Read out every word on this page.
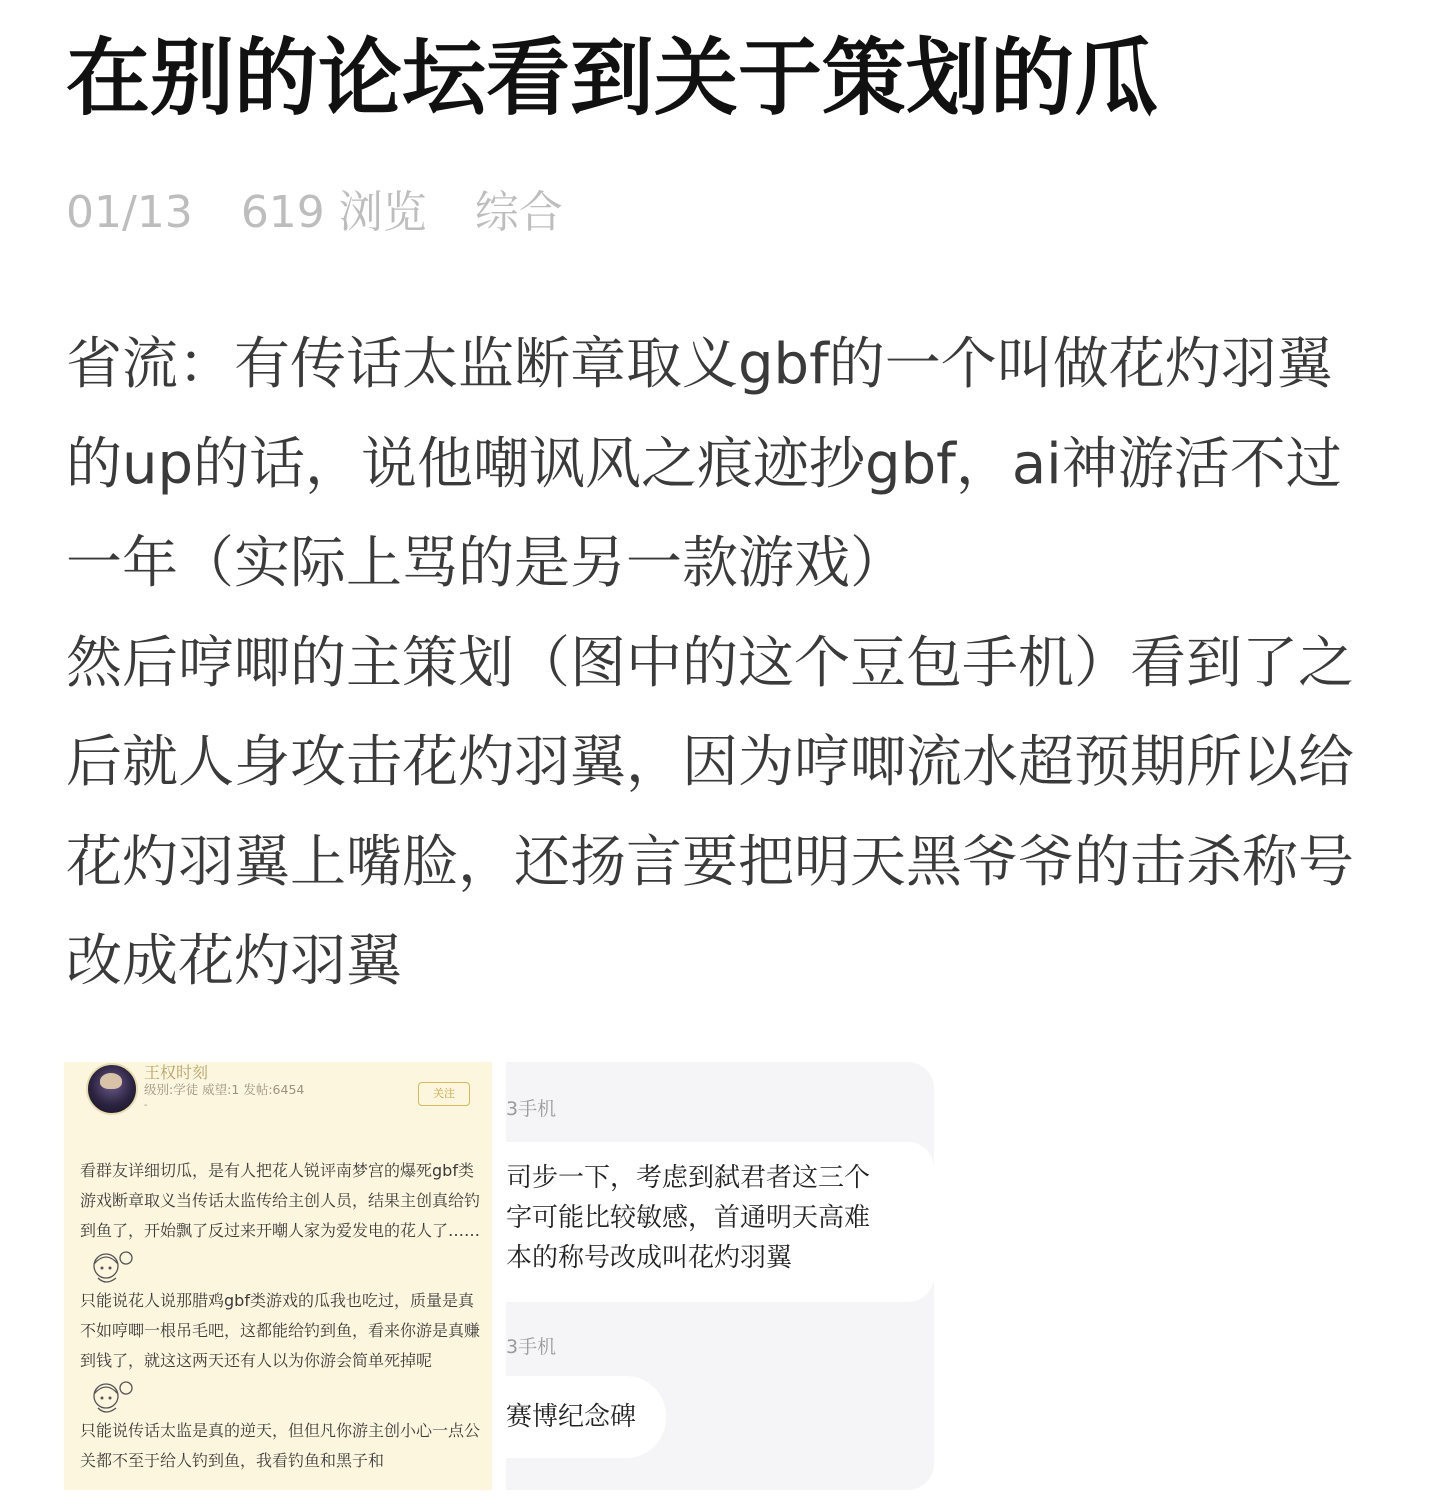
在别的论坛看到关于策划的瓜
01/13 619 浏览 综合

省流：有传话太监断章取义gbf的一个叫做花灼羽翼的up的话，说他嘲讽风之痕迹抄gbf，ai神游活不过一年（实际上骂的是另一款游戏）

然后哼唧的主策划（图中的这个豆包手机）看到了之后就人身攻击花灼羽翼，因为哼唧流水超预期所以给花灼羽翼上嘴脸，还扬言要把明天黑爷爷的击杀称号改成花灼羽翼

王权时刻
级别:学徒 威望:1 发帖:6454
-
关注

看群友详细切瓜，是有人把花人锐评南梦宫的爆死gbf类游戏断章取义当传话太监传给主创人员，结果主创真给钓到鱼了，开始飘了反过来开嘲人家为爱发电的花人了……

只能说花人说那腊鸡gbf类游戏的瓜我也吃过，质量是真不如哼唧一根吊毛吧，这都能给钓到鱼，看来你游是真赚到钱了，就这这两天还有人以为你游会简单死掉呢

只能说传话太监是真的逆天，但但凡你游主创小心一点公关都不至于给人钓到鱼，我看钓鱼和黑子和

3手机

司步一下，考虑到弑君者这三个

字可能比较敏感，首通明天高难

本的称号改成叫花灼羽翼

3手机
赛博纪念碑
